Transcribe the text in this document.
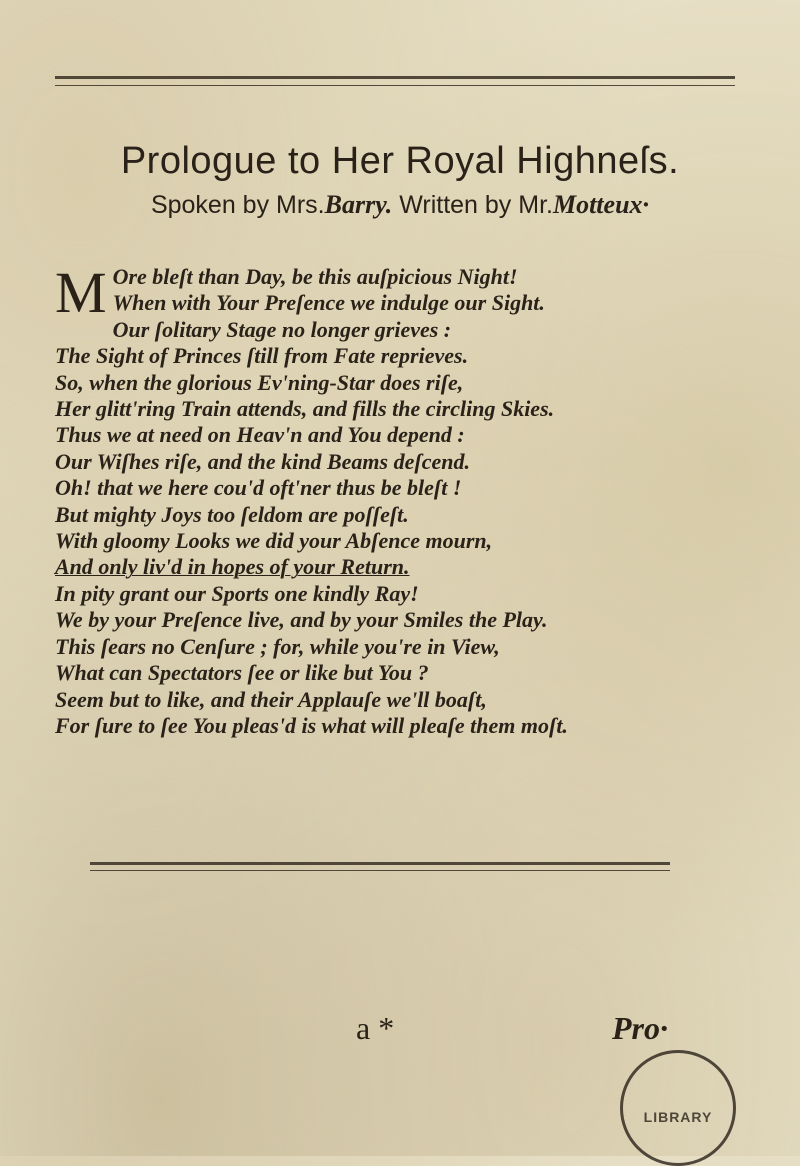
Prologue to Her Royal Highneſs.
Spoken by Mrs.Barry. Written by Mr.Motteux·
M Ore bleſt than Day, be this auſpicious Night!
When with Your Preſence we indulge our Sight.
Our ſolitary Stage no longer grieves :
The Sight of Princes ſtill from Fate reprieves.
So, when the glorious Ev'ning-Star does riſe,
Her glitt'ring Train attends, and fills the circling Skies.
Thus we at need on Heav'n and You depend :
Our Wiſhes riſe, and the kind Beams deſcend.
Oh! that we here cou'd oft'ner thus be bleſt !
But mighty Joys too ſeldom are poſſeſt.
With gloomy Looks we did your Abſence mourn,
And only liv'd in hopes of your Return.
In pity grant our Sports one kindly Ray!
We by your Preſence live, and by your Smiles the Play.
This ſears no Cenſure ; for, while you're in View,
What can Spectators ſee or like but You ?
Seem but to like, and their Applauſe we'll boaſt,
For ſure to ſee You pleas'd is what will pleaſe them moſt.
a *	Pro·
LIBRARY
